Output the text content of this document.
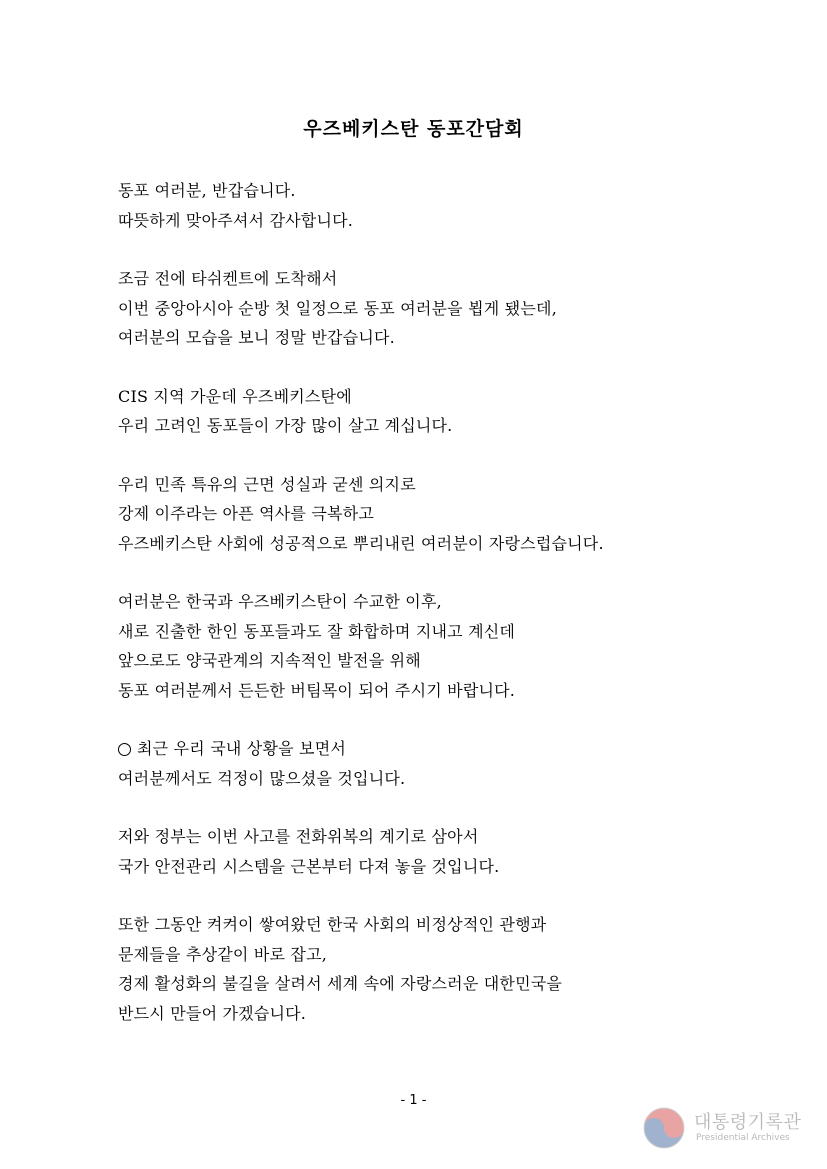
우즈베키스탄 동포간담회
동포 여러분, 반갑습니다.
따뜻하게 맞아주셔서 감사합니다.
조금 전에 타쉬켄트에 도착해서
이번 중앙아시아 순방 첫 일정으로 동포 여러분을 뵙게 됐는데,
여러분의 모습을 보니 정말 반갑습니다.
CIS 지역 가운데 우즈베키스탄에
우리 고려인 동포들이 가장 많이 살고 계십니다.
우리 민족 특유의 근면 성실과 굳센 의지로
강제 이주라는 아픈 역사를 극복하고
우즈베키스탄 사회에 성공적으로 뿌리내린 여러분이 자랑스럽습니다.
여러분은 한국과 우즈베키스탄이 수교한 이후,
새로 진출한 한인 동포들과도 잘 화합하며 지내고 계신데
앞으로도 양국관계의 지속적인 발전을 위해
동포 여러분께서 든든한 버팀목이 되어 주시기 바랍니다.
최근 우리 국내 상황을 보면서
여러분께서도 걱정이 많으셨을 것입니다.
저와 정부는 이번 사고를 전화위복의 계기로 삼아서
국가 안전관리 시스템을 근본부터 다져 놓을 것입니다.
또한 그동안 켜켜이 쌓여왔던 한국 사회의 비정상적인 관행과
문제들을 추상같이 바로 잡고,
경제 활성화의 불길을 살려서 세계 속에 자랑스러운 대한민국을
반드시 만들어 가겠습니다.
- 1 -
대통령기록관
Presidential Archives
